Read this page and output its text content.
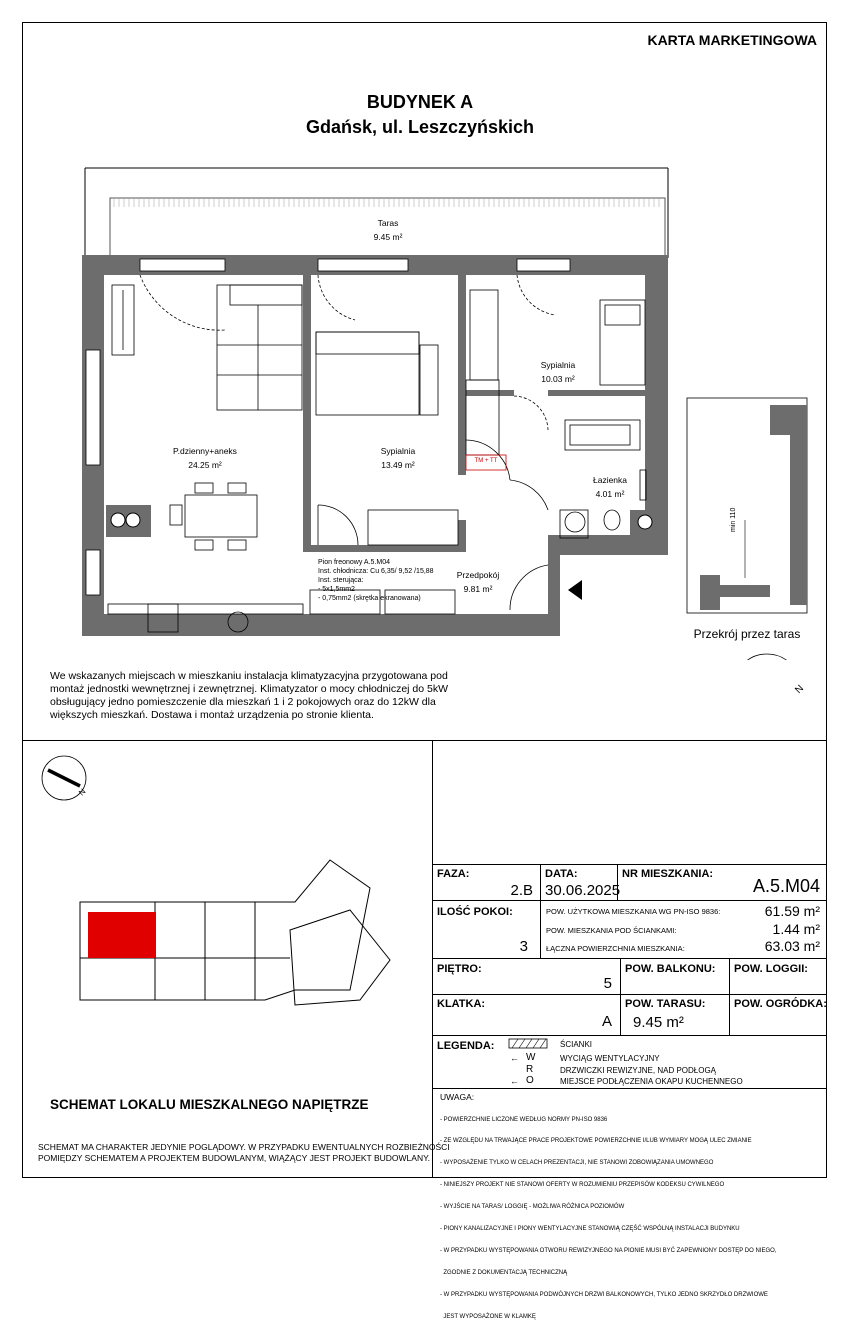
KARTA MARKETINGOWA
BUDYNEK A
Gdańsk, ul. Leszczyńskich
Taras
9.45 m²
Sypialnia
10.03 m²
P.dzienny+aneks
24.25 m²
Sypialnia
13.49 m²
Łazienka
4.01 m²
Przedpokój
9.81 m²
TM + TT
Pion freonowy A.5.M04
Inst. chłodnicza: Cu 6,35/ 9,52 /15,88
Inst. sterująca:
- 5x1,5mm2
- 0,75mm2 (skrętka ekranowana)
min 110
Przekrój przez taras
N
We wskazanych miejscach w mieszkaniu instalacja klimatyzacyjna przygotowana pod
montaż jednostki wewnętrznej i zewnętrznej. Klimatyzator o mocy chłodniczej do 5kW
obsługujący jedno pomieszczenie dla mieszkań 1 i 2 pokojowych oraz do 12kW dla
większych mieszkań. Dostawa i montaż urządzenia po stronie klienta.
N
SCHEMAT LOKALU MIESZKALNEGO NAPIĘTRZE
SCHEMAT MA CHARAKTER JEDYNIE POGLĄDOWY. W PRZYPADKU EWENTUALNYCH ROZBIEŻNOŚCI
POMIĘDZY SCHEMATEM A PROJEKTEM BUDOWLANYM, WIĄŻĄCY JEST PROJEKT BUDOWLANY.
FAZA:
2.B
DATA:
30.06.2025
NR MIESZKANIA:
A.5.M04
ILOŚĆ POKOI:
3
POW. UŻYTKOWA MIESZKANIA WG PN-ISO 9836:	61.59 m²
POW. MIESZKANIA POD ŚCIANKAMI:	1.44 m²
ŁĄCZNA POWIERZCHNIA MIESZKANIA:	63.03 m²
PIĘTRO:
5
POW. BALKONU: POW. LOGGII:
KLATKA:
A
POW. TARASU:
9.45 m²
POW. OGRÓDKA:
LEGENDA:	ŚCIANKI
← W	WYCIĄG WENTYLACYJNY
R	DRZWICZKI REWIZYJNE, NAD PODŁOGĄ
← O	MIEJSCE PODŁĄCZENIA OKAPU KUCHENNEGO
UWAGA:

- POWIERZCHNIE LICZONE WEDŁUG NORMY PN-ISO 9836

- ZE WZGLĘDU NA TRWAJĄCE PRACE PROJEKTOWE POWIERZCHNIE I/LUB WYMIARY MOGĄ ULEC ZMIANIE

- WYPOSAŻENIE TYLKO W CELACH PREZENTACJI, NIE STANOWI ZOBOWIĄZANIA UMOWNEGO

- NINIEJSZY PROJEKT NIE STANOWI OFERTY W ROZUMIENIU PRZEPISÓW KODEKSU CYWILNEGO

- WYJŚCIE NA TARAS/ LOGGIĘ - MOŻLIWA RÓŻNICA POZIOMÓW

- PIONY KANALIZACYJNE I PIONY WENTYLACYJNE STANOWIĄ CZĘŚĆ WSPÓLNĄ INSTALACJI BUDYNKU

- W PRZYPADKU WYSTĘPOWANIA OTWORU REWIZYJNEGO NA PIONIE MUSI BYĆ ZAPEWNIONY DOSTĘP DO NIEGO,

ZGODNIE Z DOKUMENTACJĄ TECHNICZNĄ

- W PRZYPADKU WYSTĘPOWANIA PODWÓJNYCH DRZWI BALKONOWYCH, TYLKO JEDNO SKRZYDŁO DRZWIOWE

JEST WYPOSAŻONE W KLAMKĘ
